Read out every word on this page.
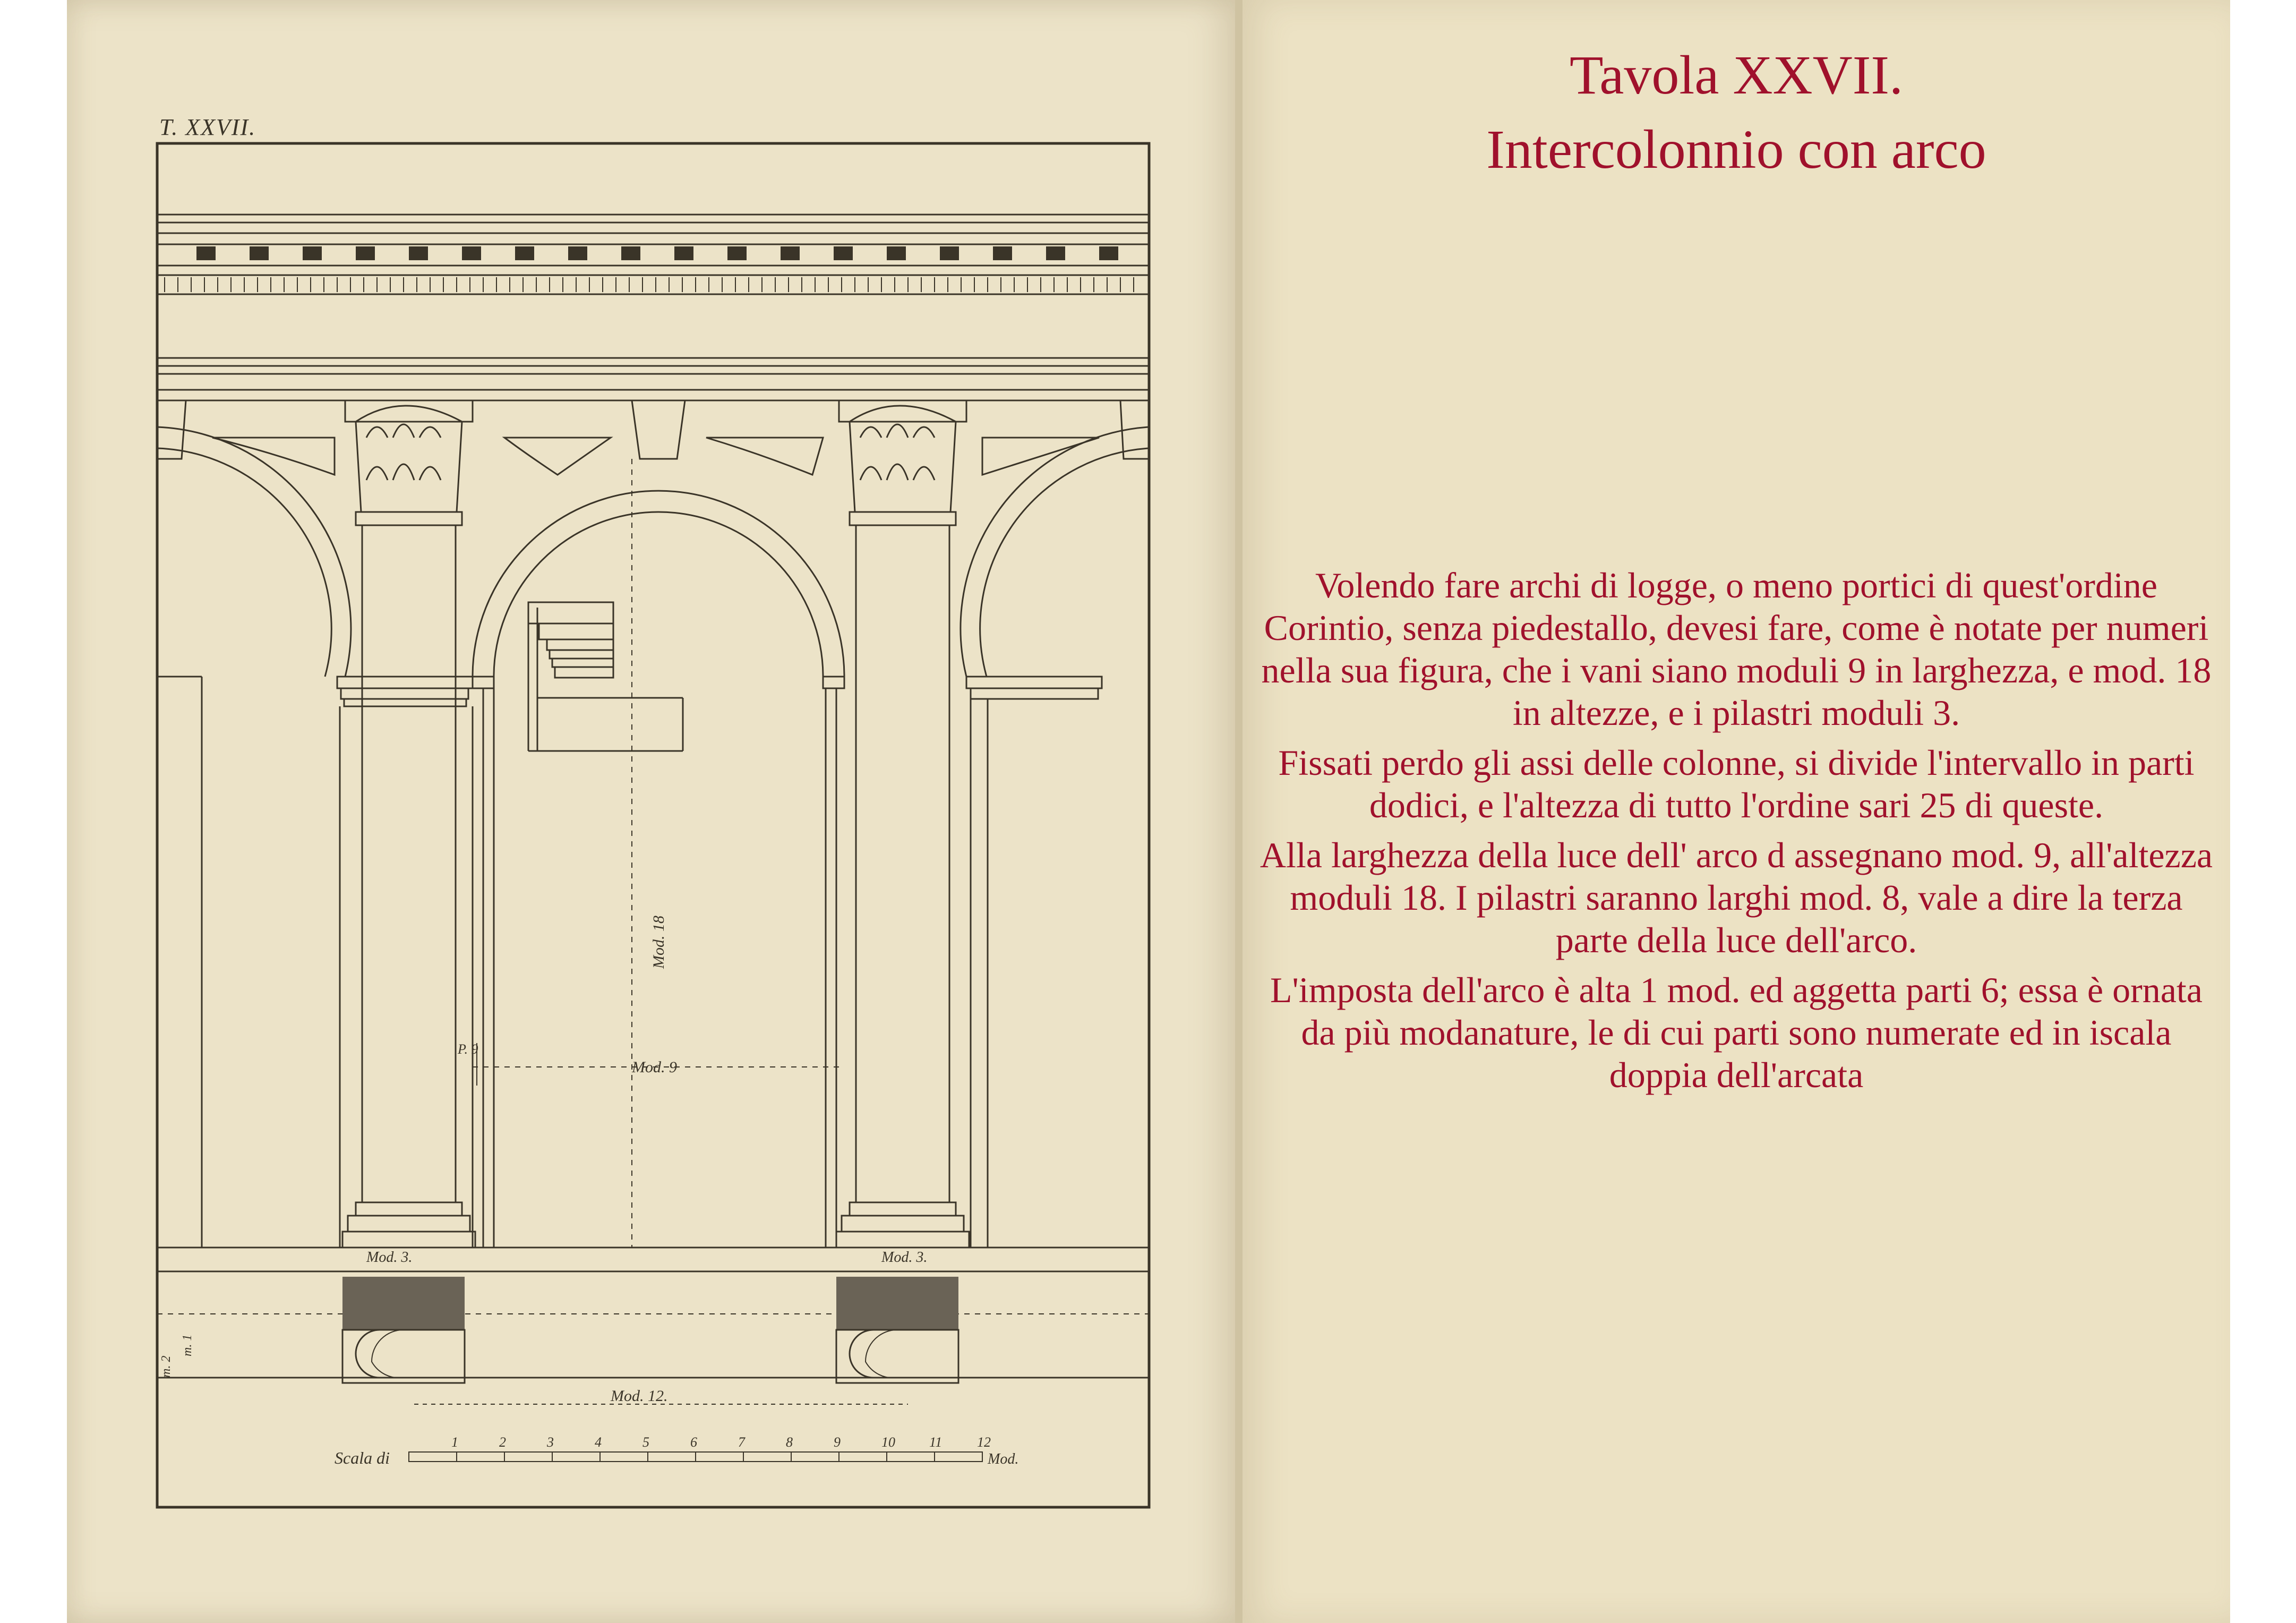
T. XXVII.
Mod. 18
Mod. 9
P. 9
Mod. 3.	Mod. 3.
Mod. 12.
m. 2
m. 1
Scala di	Mod.
1	2	3	4	5	6	7	8	9	10 11	12
Tavola XXVII.
Intercolonnio con arco

Volendo fare archi di logge, o meno portici di quest'ordine Corintio, senza piedestallo, devesi fare, come è notate per numeri nella sua figura, che i vani siano moduli 9 in larghezza, e mod. 18 in altezze, e i pilastri moduli 3.

Fissati perdo gli assi delle colonne, si divide l'intervallo in parti dodici, e l'altezza di tutto l'ordine sari 25 di queste.

Alla larghezza della luce dell' arco d assegnano mod. 9, all'altezza moduli 18. I pilastri saranno larghi mod. 8, vale a dire la terza parte della luce dell'arco.

L'imposta dell'arco è alta 1 mod. ed aggetta parti 6; essa è ornata da più modanature, le di cui parti sono numerate ed in iscala doppia dell'arcata
